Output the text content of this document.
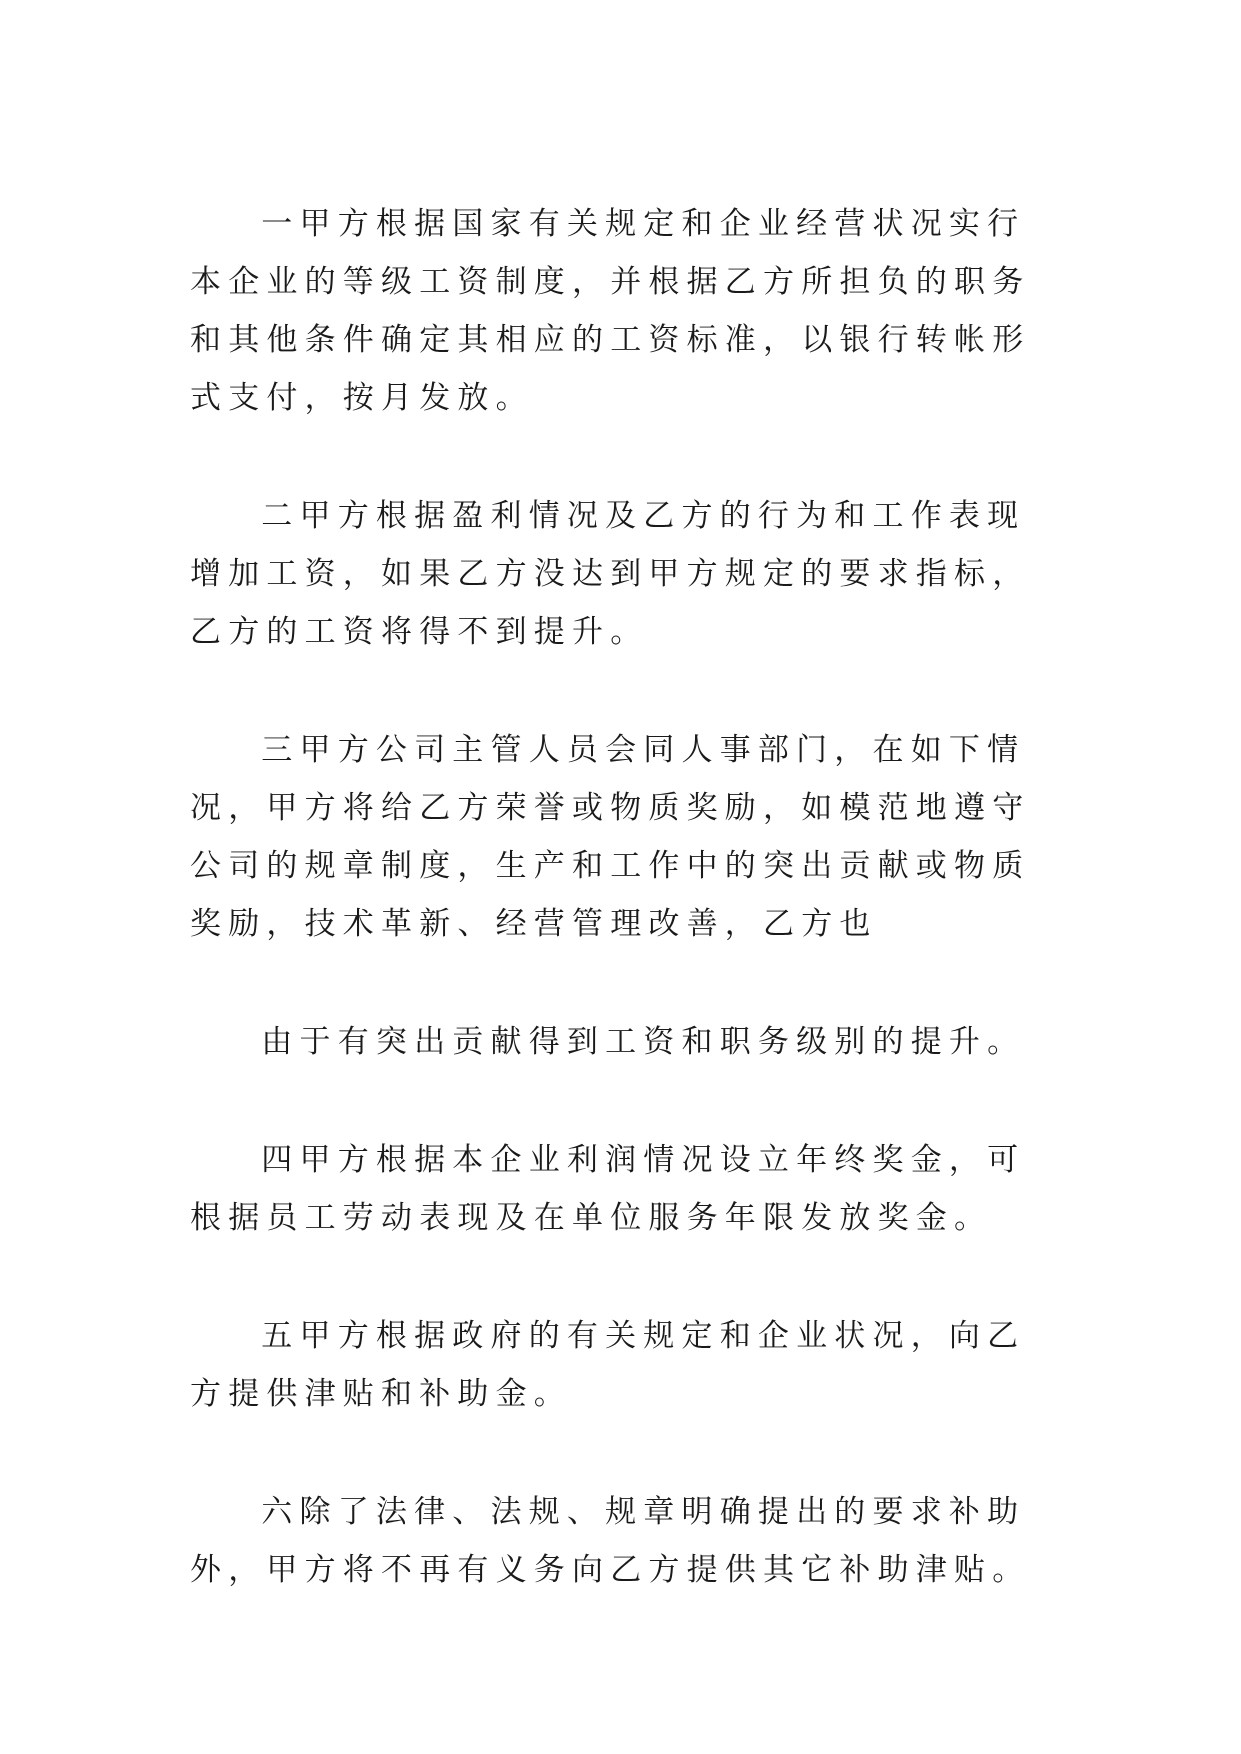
一甲方根据国家有关规定和企业经营状况实行本企业的等级工资制度，并根据乙方所担负的职务和其他条件确定其相应的工资标准，以银行转帐形式支付，按月发放。

二甲方根据盈利情况及乙方的行为和工作表现增加工资，如果乙方没达到甲方规定的要求指标，乙方的工资将得不到提升。

三甲方公司主管人员会同人事部门，在如下情况，甲方将给乙方荣誉或物质奖励，如模范地遵守公司的规章制度，生产和工作中的突出贡献或物质奖励，技术革新、经营管理改善，乙方也

由于有突出贡献得到工资和职务级别的提升。

四甲方根据本企业利润情况设立年终奖金，可根据员工劳动表现及在单位服务年限发放奖金。

五甲方根据政府的有关规定和企业状况，向乙方提供津贴和补助金。

六除了法律、法规、规章明确提出的要求补助外，甲方将不再有义务向乙方提供其它补助津贴。
